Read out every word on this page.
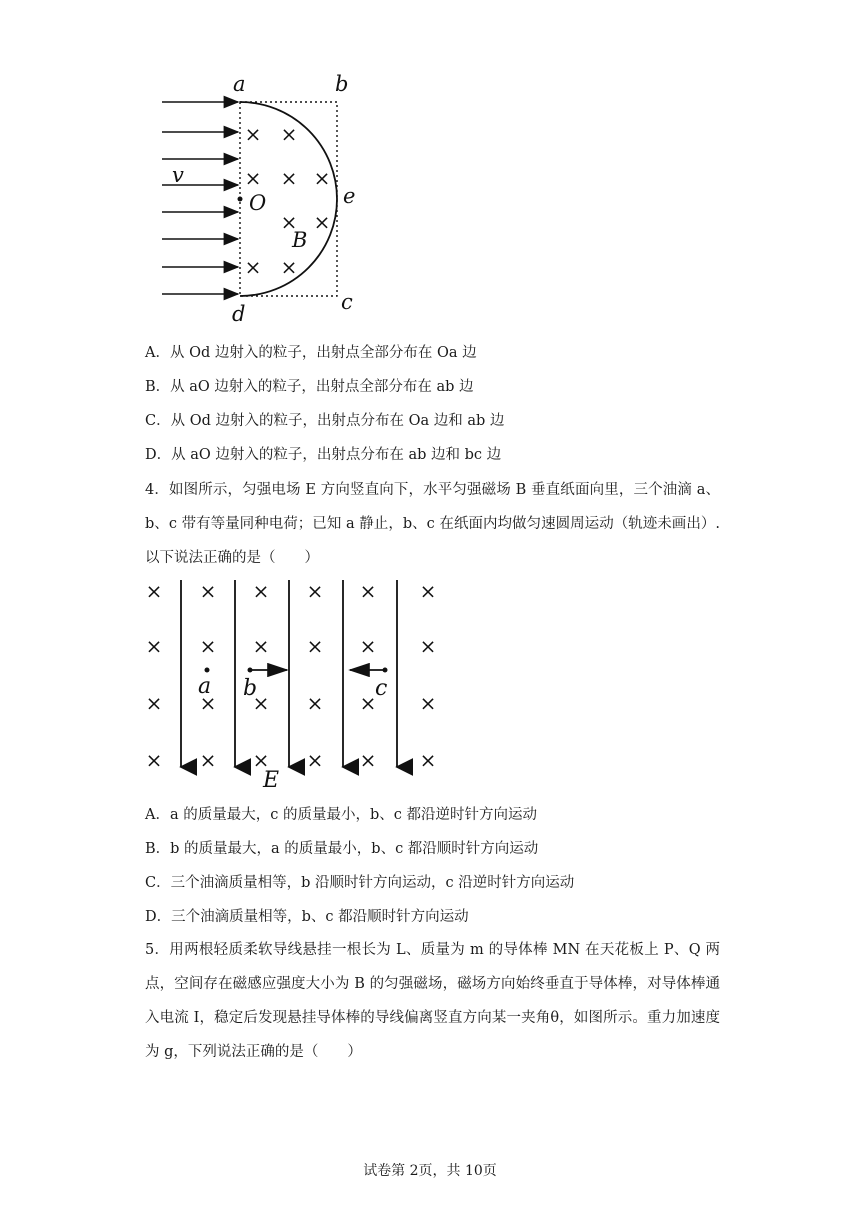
× ×
× × ×
× ×
× ×
a	b
c
d
e
O
B
v
A．从 Od 边射入的粒子，出射点全部分布在 Oa 边
B．从 aO 边射入的粒子，出射点全部分布在 ab 边
C．从 Od 边射入的粒子，出射点分布在 Oa 边和 ab 边
D．从 aO 边射入的粒子，出射点分布在 ab 边和 bc 边
4．如图所示，匀强电场 E 方向竖直向下，水平匀强磁场 B 垂直纸面向里，三个油滴 a、b、c 带有等量同种电荷；已知 a 静止，b、c 在纸面内均做匀速圆周运动（轨迹未画出）. 以下说法正确的是（　　）
× × × × × ×
× × × × × ×
× × × × × ×
× × × × × ×
a b	c
E
A．a 的质量最大，c 的质量最小，b、c 都沿逆时针方向运动
B．b 的质量最大，a 的质量最小，b、c 都沿顺时针方向运动
C．三个油滴质量相等，b 沿顺时针方向运动，c 沿逆时针方向运动
D．三个油滴质量相等，b、c 都沿顺时针方向运动
5．用两根轻质柔软导线悬挂一根长为 L、质量为 m 的导体棒 MN 在天花板上 P、Q 两点，空间存在磁感应强度大小为 B 的匀强磁场，磁场方向始终垂直于导体棒，对导体棒通入电流 I，稳定后发现悬挂导体棒的导线偏离竖直方向某一夹角θ，如图所示。重力加速度为 g，下列说法正确的是（　　）
试卷第 2页，共 10页
